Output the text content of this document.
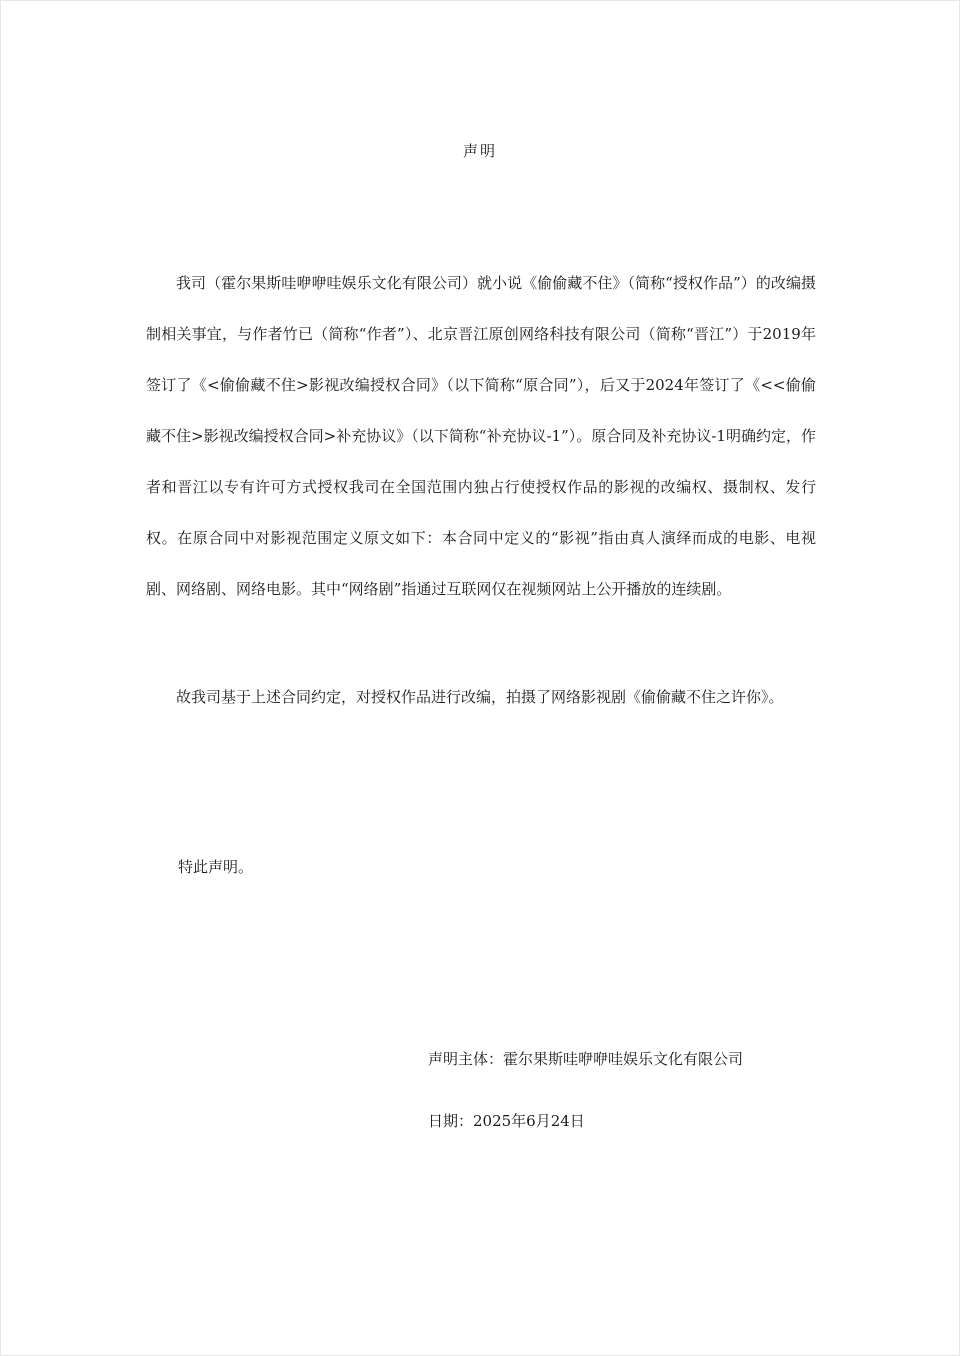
声明

我司（霍尔果斯哇咿咿哇娱乐文化有限公司）就小说《偷偷藏不住》（简称“授权作品”）的改编摄制相关事宜，与作者竹已（简称“作者”）、北京晋江原创网络科技有限公司（简称“晋江”）于2019年签订了《<偷偷藏不住>影视改编授权合同》（以下简称“原合同”），后又于2024年签订了《<<偷偷藏不住>影视改编授权合同>补充协议》（以下简称“补充协议-1”）。原合同及补充协议-1明确约定，作者和晋江以专有许可方式授权我司在全国范围内独占行使授权作品的影视的改编权、摄制权、发行权。在原合同中对影视范围定义原文如下：本合同中定义的“影视”指由真人演绎而成的电影、电视剧、网络剧、网络电影。其中“网络剧”指通过互联网仅在视频网站上公开播放的连续剧。

故我司基于上述合同约定，对授权作品进行改编，拍摄了网络影视剧《偷偷藏不住之许你》。

特此声明。

声明主体：霍尔果斯哇咿咿哇娱乐文化有限公司

日期：2025年6月24日
